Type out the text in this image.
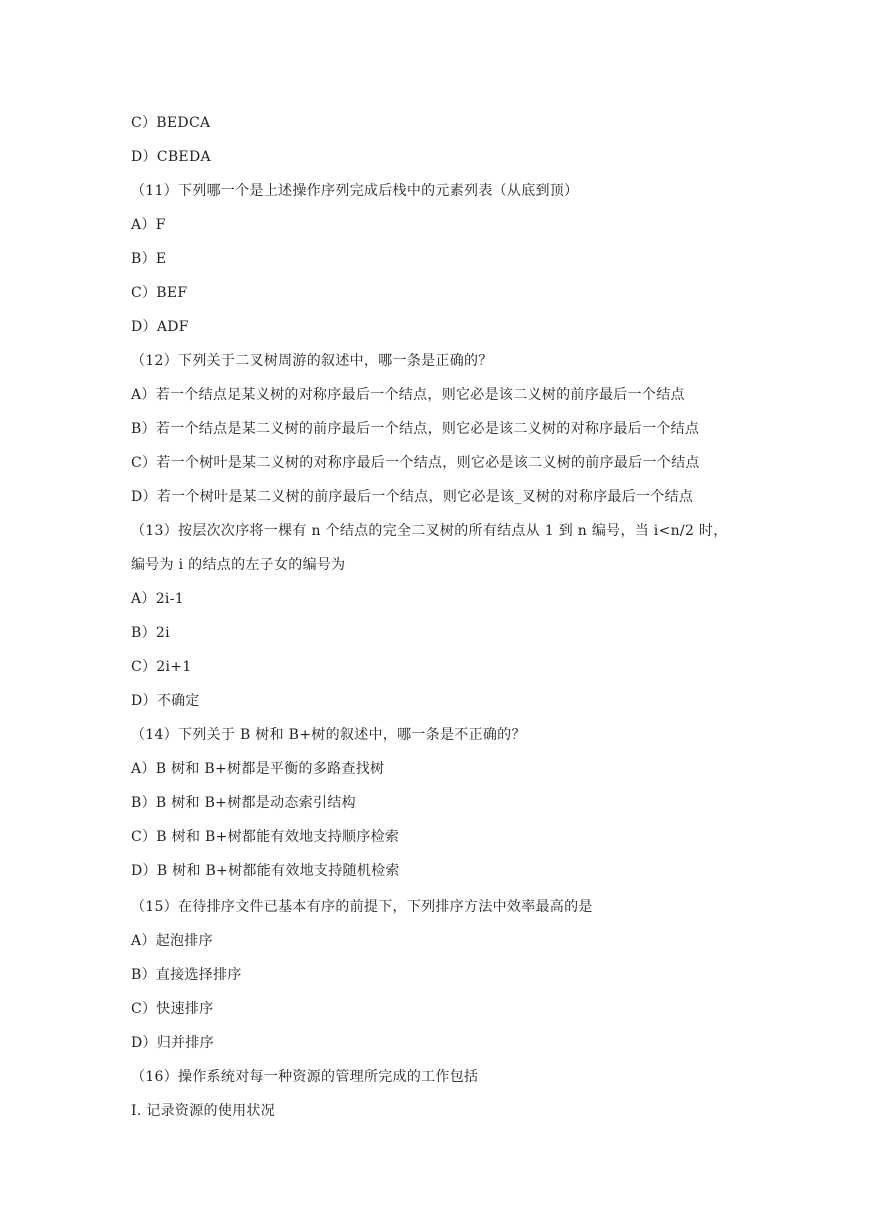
C）BEDCA
D）CBEDA
（11）下列哪一个是上述操作序列完成后栈中的元素列表（从底到顶）
A）F
B）E
C）BEF
D）ADF
（12）下列关于二叉树周游的叙述中，哪一条是正确的？
A）若一个结点足某义树的对称序最后一个结点，则它必是该二义树的前序最后一个结点
B）若一个结点是某二义树的前序最后一个结点，则它必是该二义树的对称序最后一个结点
C）若一个树叶是某二义树的对称序最后一个结点，则它必是该二义树的前序最后一个结点
D）若一个树叶是某二义树的前序最后一个结点，则它必是该_叉树的对称序最后一个结点
（13）按层次次序将一棵有 n 个结点的完全二叉树的所有结点从 1 到 n 编号，当 i<n/2 时，
编号为 i 的结点的左子女的编号为
A）2i-1
B）2i
C）2i+1
D）不确定
（14）下列关于 B 树和 B+树的叙述中，哪一条是不正确的？
A）B 树和 B+树都是平衡的多路查找树
B）B 树和 B+树都是动态索引结构
C）B 树和 B+树都能有效地支持顺序检索
D）B 树和 B+树都能有效地支持随机检索
（15）在待排序文件已基本有序的前提下，下列排序方法中效率最高的是
A）起泡排序
B）直接选择排序
C）快速排序
D）归并排序
（16）操作系统对每一种资源的管理所完成的工作包括
I. 记录资源的使用状况
